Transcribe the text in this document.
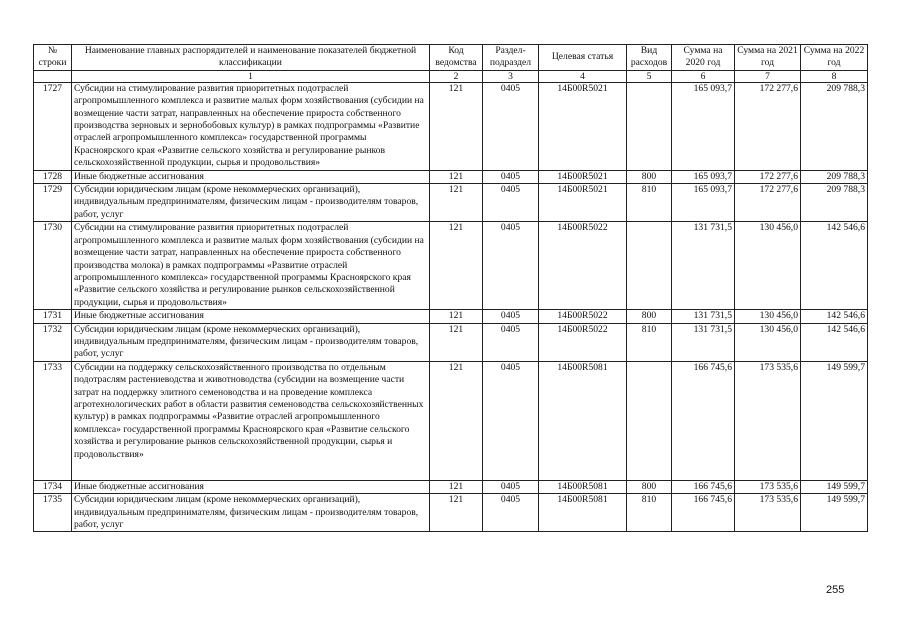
№ строки	Наименование главных распорядителей и наименование показателей бюджетной классификации	Код ведомства	Раздел-подраздел	Целевая статья	Вид расходов	Сумма на 2020 год	Сумма на 2021 год	Сумма на 2022 год
	1	2	3	4	5	6	7	8
1727	Субсидии на стимулирование развития приоритетных подотраслей агропромышленного комплекса и развитие малых форм хозяйствования (субсидии на возмещение части затрат, направленных на обеспечение прироста собственного производства зерновых и зернобобовых культур) в рамках подпрограммы «Развитие отраслей агропромышленного комплекса» государственной программы Красноярского края «Развитие сельского хозяйства и регулирование рынков сельскохозяйственной продукции, сырья и продовольствия»	121	0405	14Б00R5021		165 093,7	172 277,6	209 788,3
1728	Иные бюджетные ассигнования	121	0405	14Б00R5021	800	165 093,7	172 277,6	209 788,3
1729	Субсидии юридическим лицам (кроме некоммерческих организаций), индивидуальным предпринимателям, физическим лицам - производителям товаров, работ, услуг	121	0405	14Б00R5021	810	165 093,7	172 277,6	209 788,3
1730	Субсидии на стимулирование развития приоритетных подотраслей агропромышленного комплекса и развитие малых форм хозяйствования (субсидии на возмещение части затрат, направленных на обеспечение прироста собственного производства молока) в рамках подпрограммы «Развитие отраслей агропромышленного комплекса» государственной программы Красноярского края «Развитие сельского хозяйства и регулирование рынков сельскохозяйственной продукции, сырья и продовольствия»	121	0405	14Б00R5022		131 731,5	130 456,0	142 546,6
1731	Иные бюджетные ассигнования	121	0405	14Б00R5022	800	131 731,5	130 456,0	142 546,6
1732	Субсидии юридическим лицам (кроме некоммерческих организаций), индивидуальным предпринимателям, физическим лицам - производителям товаров, работ, услуг	121	0405	14Б00R5022	810	131 731,5	130 456,0	142 546,6
1733	Субсидии на поддержку сельскохозяйственного производства по отдельным подотраслям растениеводства и животноводства (субсидии на возмещение части затрат на поддержку элитного семеноводства и на проведение комплекса агротехнологических работ в области развития семеноводства сельскохозяйственных культур) в рамках подпрограммы «Развитие отраслей агропромышленного комплекса» государственной программы Красноярского края «Развитие сельского хозяйства и регулирование рынков сельскохозяйственной продукции, сырья и продовольствия»	121	0405	14Б00R5081		166 745,6	173 535,6	149 599,7
1734	Иные бюджетные ассигнования	121	0405	14Б00R5081	800	166 745,6	173 535,6	149 599,7
1735	Субсидии юридическим лицам (кроме некоммерческих организаций), индивидуальным предпринимателям, физическим лицам - производителям товаров, работ, услуг	121	0405	14Б00R5081	810	166 745,6	173 535,6	149 599,7
255
